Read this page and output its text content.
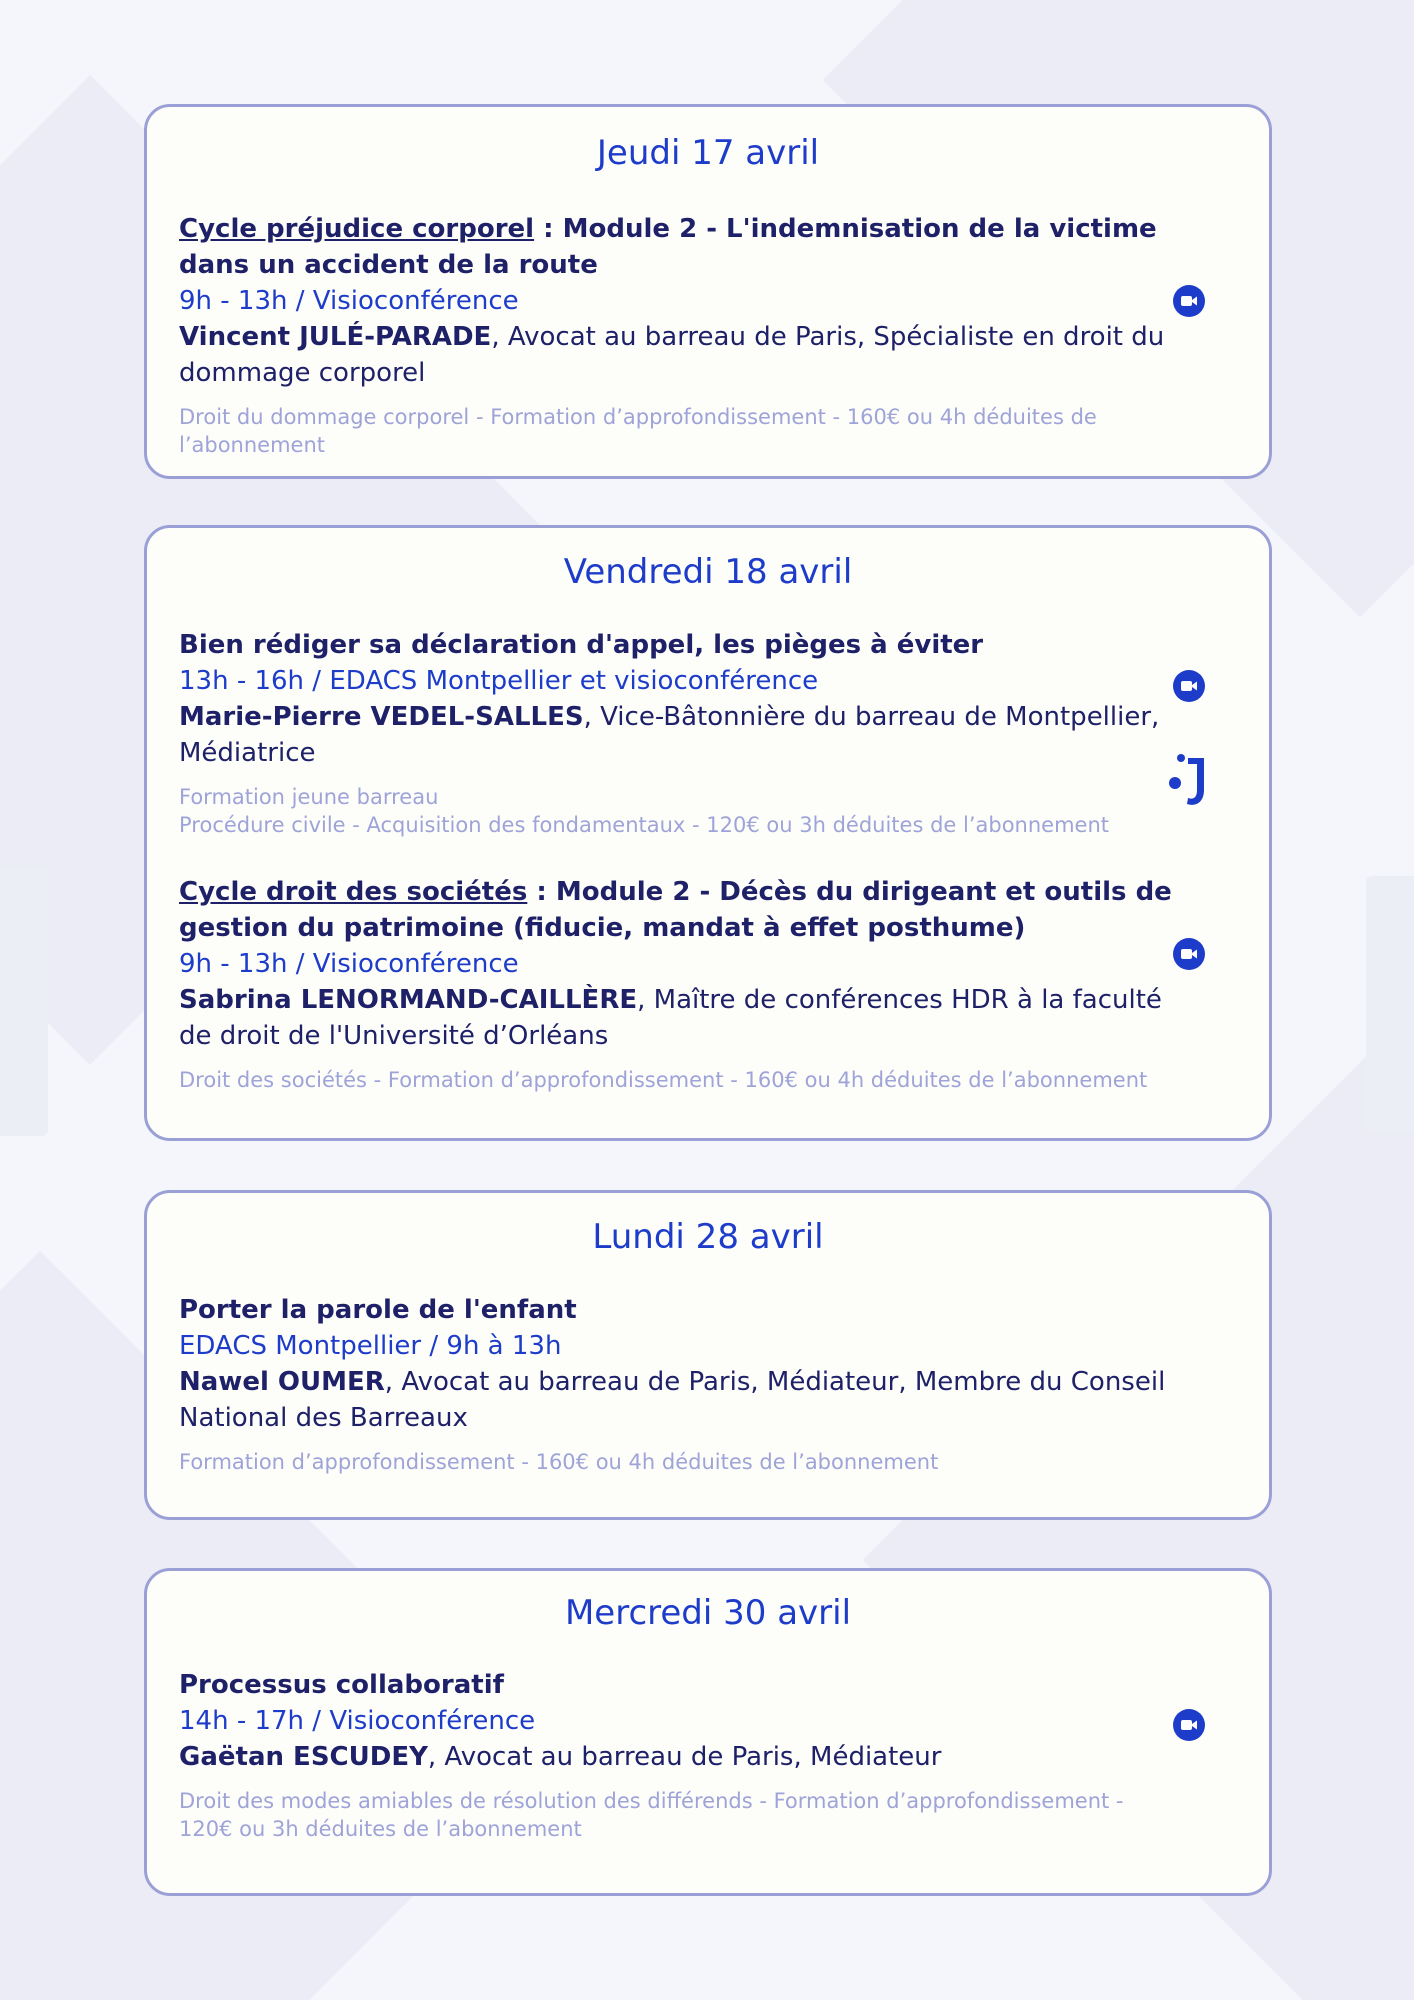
Jeudi 17 avril

Cycle préjudice corporel : Module 2 - L'indemnisation de la victime dans un accident de la route

9h - 13h / Visioconférence

Vincent JULÉ-PARADE, Avocat au barreau de Paris, Spécialiste en droit du dommage corporel

Droit du dommage corporel - Formation d’approfondissement - 160€ ou 4h déduites de l’abonnement

Vendredi 18 avril

Bien rédiger sa déclaration d'appel, les pièges à éviter

13h - 16h / EDACS Montpellier et visioconférence

Marie-Pierre VEDEL-SALLES, Vice-Bâtonnière du barreau de Montpellier, Médiatrice

Formation jeune barreau

Procédure civile - Acquisition des fondamentaux - 120€ ou 3h déduites de l’abonnement

Cycle droit des sociétés : Module 2 - Décès du dirigeant et outils de gestion du patrimoine (fiducie, mandat à effet posthume)

9h - 13h / Visioconférence

Sabrina LENORMAND-CAILLÈRE, Maître de conférences HDR à la faculté de droit de l'Université d’Orléans

Droit des sociétés - Formation d’approfondissement - 160€ ou 4h déduites de l’abonnement

Lundi 28 avril

Porter la parole de l'enfant

EDACS Montpellier / 9h à 13h

Nawel OUMER, Avocat au barreau de Paris, Médiateur, Membre du Conseil National des Barreaux

Formation d’approfondissement - 160€ ou 4h déduites de l’abonnement

Mercredi 30 avril

Processus collaboratif

14h - 17h / Visioconférence

Gaëtan ESCUDEY, Avocat au barreau de Paris, Médiateur

Droit des modes amiables de résolution des différends - Formation d’approfondissement - 120€ ou 3h déduites de l’abonnement
